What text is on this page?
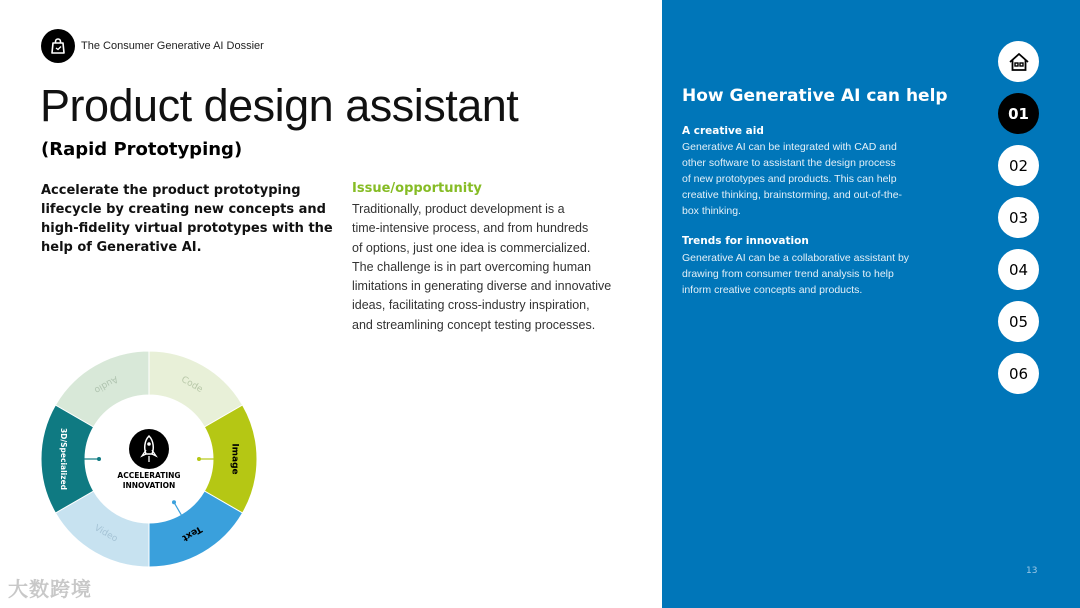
The Consumer Generative AI Dossier
Product design assistant
(Rapid Prototyping)

Accelerate the product prototyping lifecycle by creating new concepts and high-fidelity virtual prototypes with the help of Generative AI.

Issue/opportunity
Traditionally, product development is a
time-intensive process, and from hundreds
of options, just one idea is commercialized.
The challenge is in part overcoming human
limitations in generating diverse and innovative
ideas, facilitating cross-industry inspiration,
and streamlining concept testing processes.
ACCELERATING
INNOVATION
Code
Image
Text
Video
3D/Specialized
Audio
大数跨境
How Generative AI can help
A creative aid
Generative AI can be integrated with CAD and
other software to assistant the design process
of new prototypes and products. This can help
creative thinking, brainstorming, and out-of-the-
box thinking.
Trends for innovation
Generative AI can be a collaborative assistant by
drawing from consumer trend analysis to help
inform creative concepts and products.
01
02
03
04
05
06
13
